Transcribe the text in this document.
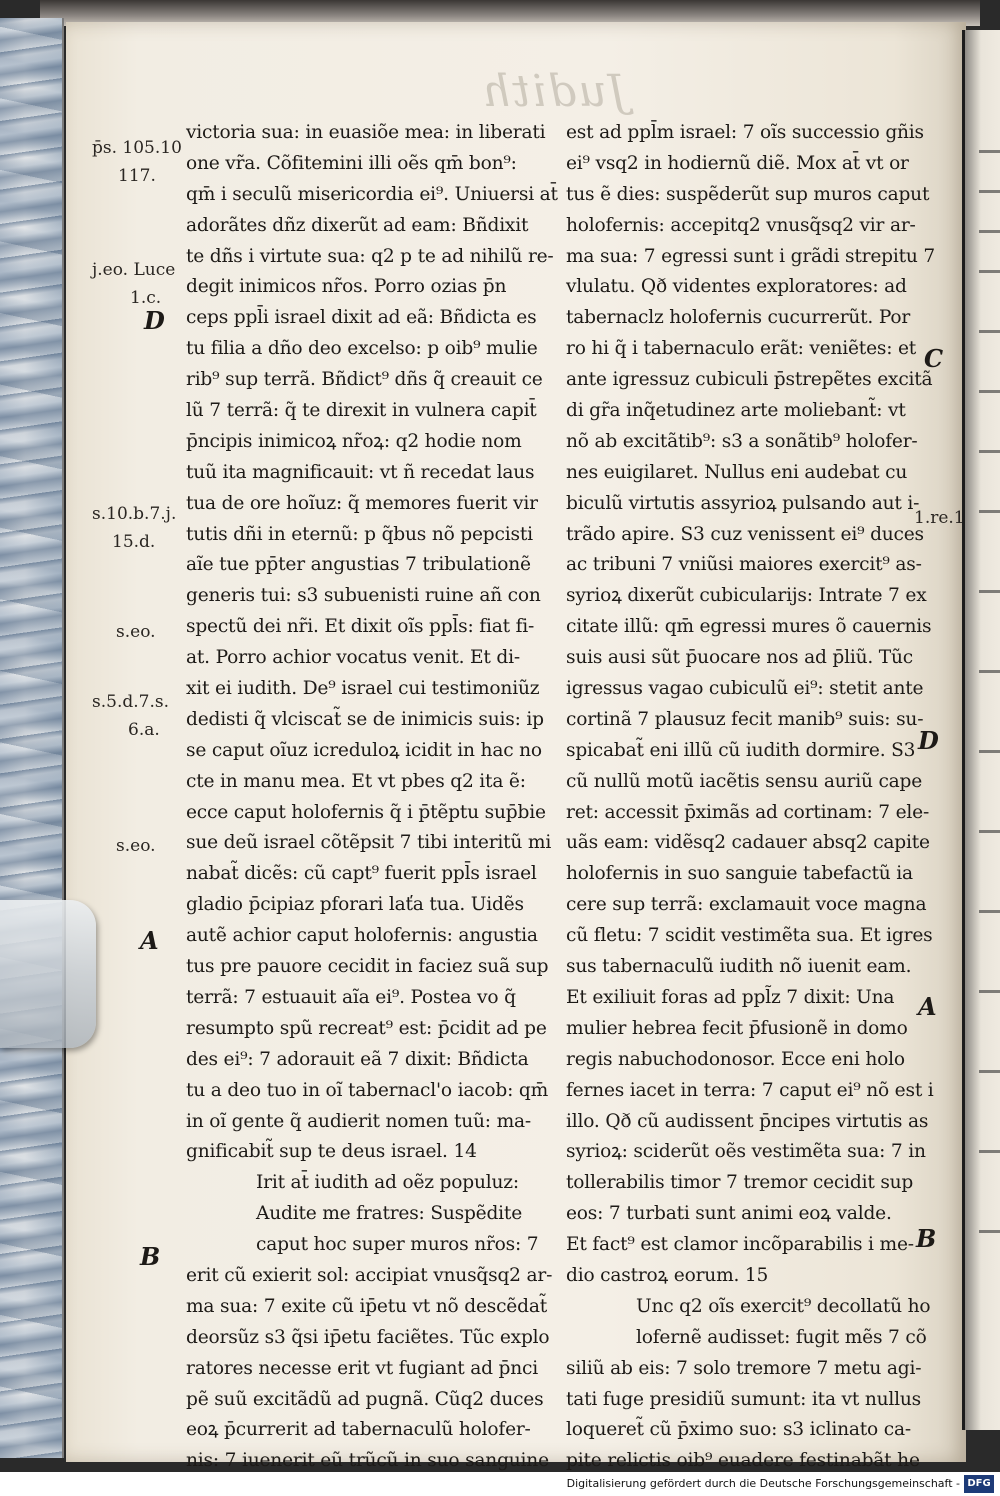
Judith
p̄s. 105.10
117.
j.eo. Luce
1.c.
s.10.b.7.j.
15.d.
s.eo.
s.5.d.7.s.
6.a.
s.eo.
D
A
B
C
D
A
B
1.re.1
victoria sua: in euasiõe mea: in liberati
one vr̃a. Cõfitemini illi oẽs qm̄ bon⁹:
qm̄ i seculũ misericordia ei⁹. Uniuersi at̄
adorãtes dñz dixerũt ad eam: Bñdixit
te dñs i virtute sua: q2 p te ad nihilũ re-
degit inimicos nr̃os. Porro ozias p̄n
ceps ppl̄i israel dixit ad eã: Bñdicta es
tu filia a dño deo excelso: p oib⁹ mulie
rib⁹ sup terrã. Bñdict⁹ dñs q̃ creauit ce
lũ 7 terrã: q̃ te direxit in vulnera capit̄
p̄ncipis inimicoꝝ nr̃oꝝ: q2 hodie nom
tuũ ita magnificauit: vt ñ recedat laus
tua de ore hoĩuz: q̃ memores fuerit vir
tutis dñi in eternũ: p q̃bus nõ pepcisti
aĩe tue pp̄ter angustias 7 tribulationẽ
generis tui: s3 subuenisti ruine añ con
spectũ dei nr̃i. Et dixit oĩs ppl̄s: fiat fi-
at. Porro achior vocatus venit. Et di-
xit ei iudith. De⁹ israel cui testimoniũz
dedisti q̃ vlciscat̃ se de inimicis suis: ip
se caput oĩuz icreduloꝝ icidit in hac no
cte in manu mea. Et vt pbes q2 ita ẽ:
ecce caput holofernis q̃ i p̄tẽptu sup̄bie
sue deũ israel cõtẽpsit 7 tibi interitũ mi
nabat̃ dicẽs: cũ capt⁹ fuerit ppl̄s israel
gladio p̄cipiaz pforari laťa tua. Uidẽs
autẽ achior caput holofernis: angustia
tus pre pauore cecidit in faciez suã sup
terrã: 7 estuauit aĩa ei⁹. Postea vo q̃
resumpto spũ recreat⁹ est: p̄cidit ad pe
des ei⁹: 7 adorauit eã 7 dixit: Bñdicta
tu a deo tuo in oĩ tabernacl'o iacob: qm̄
in oĩ gente q̃ audierit nomen tuũ: ma-
gnificabit̃ sup te deus israel. 14
Irit at̄ iudith ad oẽz populuz:
Audite me fratres: Suspẽdite
caput hoc super muros nr̃os: 7
erit cũ exierit sol: accipiat vnusq̃sq2 ar-
ma sua: 7 exite cũ ip̄etu vt nõ descẽdat̃
deorsũz s3 q̃si ip̄etu faciẽtes. Tũc explo
ratores necesse erit vt fugiant ad p̄nci
pẽ suũ excitãdũ ad pugnã. Cũq2 duces
eoꝝ p̄currerit ad tabernaculũ holofer-
nis: 7 iuenerit eũ trũcũ in suo sanguine
est ad ppl̄m israel: 7 oĩs successio gñis
ei⁹ vsq2 in hodiernũ diẽ. Mox at̄ vt or
tus ẽ dies: suspẽderũt sup muros caput
holofernis: accepitq2 vnusq̃sq2 vir ar-
ma sua: 7 egressi sunt i grãdi strepitu 7
vlulatu. Qð videntes exploratores: ad
tabernaclz holofernis cucurrerũt. Por
ro hi q̃ i tabernaculo erãt: veniẽtes: et
ante igressuz cubiculi p̄strepẽtes excitã
di gr̃a inq̃etudinez arte moliebant̃: vt
nõ ab excitãtib⁹: s3 a sonãtib⁹ holofer-
nes euigilaret. Nullus eni audebat cu
biculũ virtutis assyrioꝝ pulsando aut i-
trãdo apire. S3 cuz venissent ei⁹ duces
ac tribuni 7 vniũsi maiores exercit⁹ as-
syrioꝝ dixerũt cubicularijs: Intrate 7 ex
citate illũ: qm̄ egressi mures õ cauernis
suis ausi sũt p̄uocare nos ad p̄liũ. Tũc
igressus vagao cubiculũ ei⁹: stetit ante
cortinã 7 plausuz fecit manib⁹ suis: su-
spicabat̃ eni illũ cũ iudith dormire. S3
cũ nullũ motũ iacẽtis sensu auriũ cape
ret: accessit p̄ximãs ad cortinam: 7 ele-
uãs eam: vidẽsq2 cadauer absq2 capite
holofernis in suo sanguie tabefactũ ia
cere sup terrã: exclamauit voce magna
cũ fletu: 7 scidit vestimẽta sua. Et igres
sus tabernaculũ iudith nõ iuenit eam.
Et exiliuit foras ad ppl̃z 7 dixit: Una
mulier hebrea fecit p̄fusionẽ in domo
regis nabuchodonosor. Ecce eni holo
fernes iacet in terra: 7 caput ei⁹ nõ est i
illo. Qð cũ audissent p̄ncipes virtutis as
syrioꝝ: sciderũt oẽs vestimẽta sua: 7 in
tollerabilis timor 7 tremor cecidit sup
eos: 7 turbati sunt animi eoꝝ valde.
Et fact⁹ est clamor incõparabilis i me-
dio castroꝝ eorum. 15
Unc q2 oĩs exercit⁹ decollatũ ho
lofernẽ audisset: fugit mẽs 7 cõ
siliũ ab eis: 7 solo tremore 7 metu agi-
tati fuge presidiũ sumunt: ita vt nullus
loqueret̃ cũ p̄ximo suo: s3 iclinato ca-
pite relictis oib⁹ euadere festinabãt he
Digitalisierung gefördert durch die Deutsche Forschungsgemeinschaft - DFG
